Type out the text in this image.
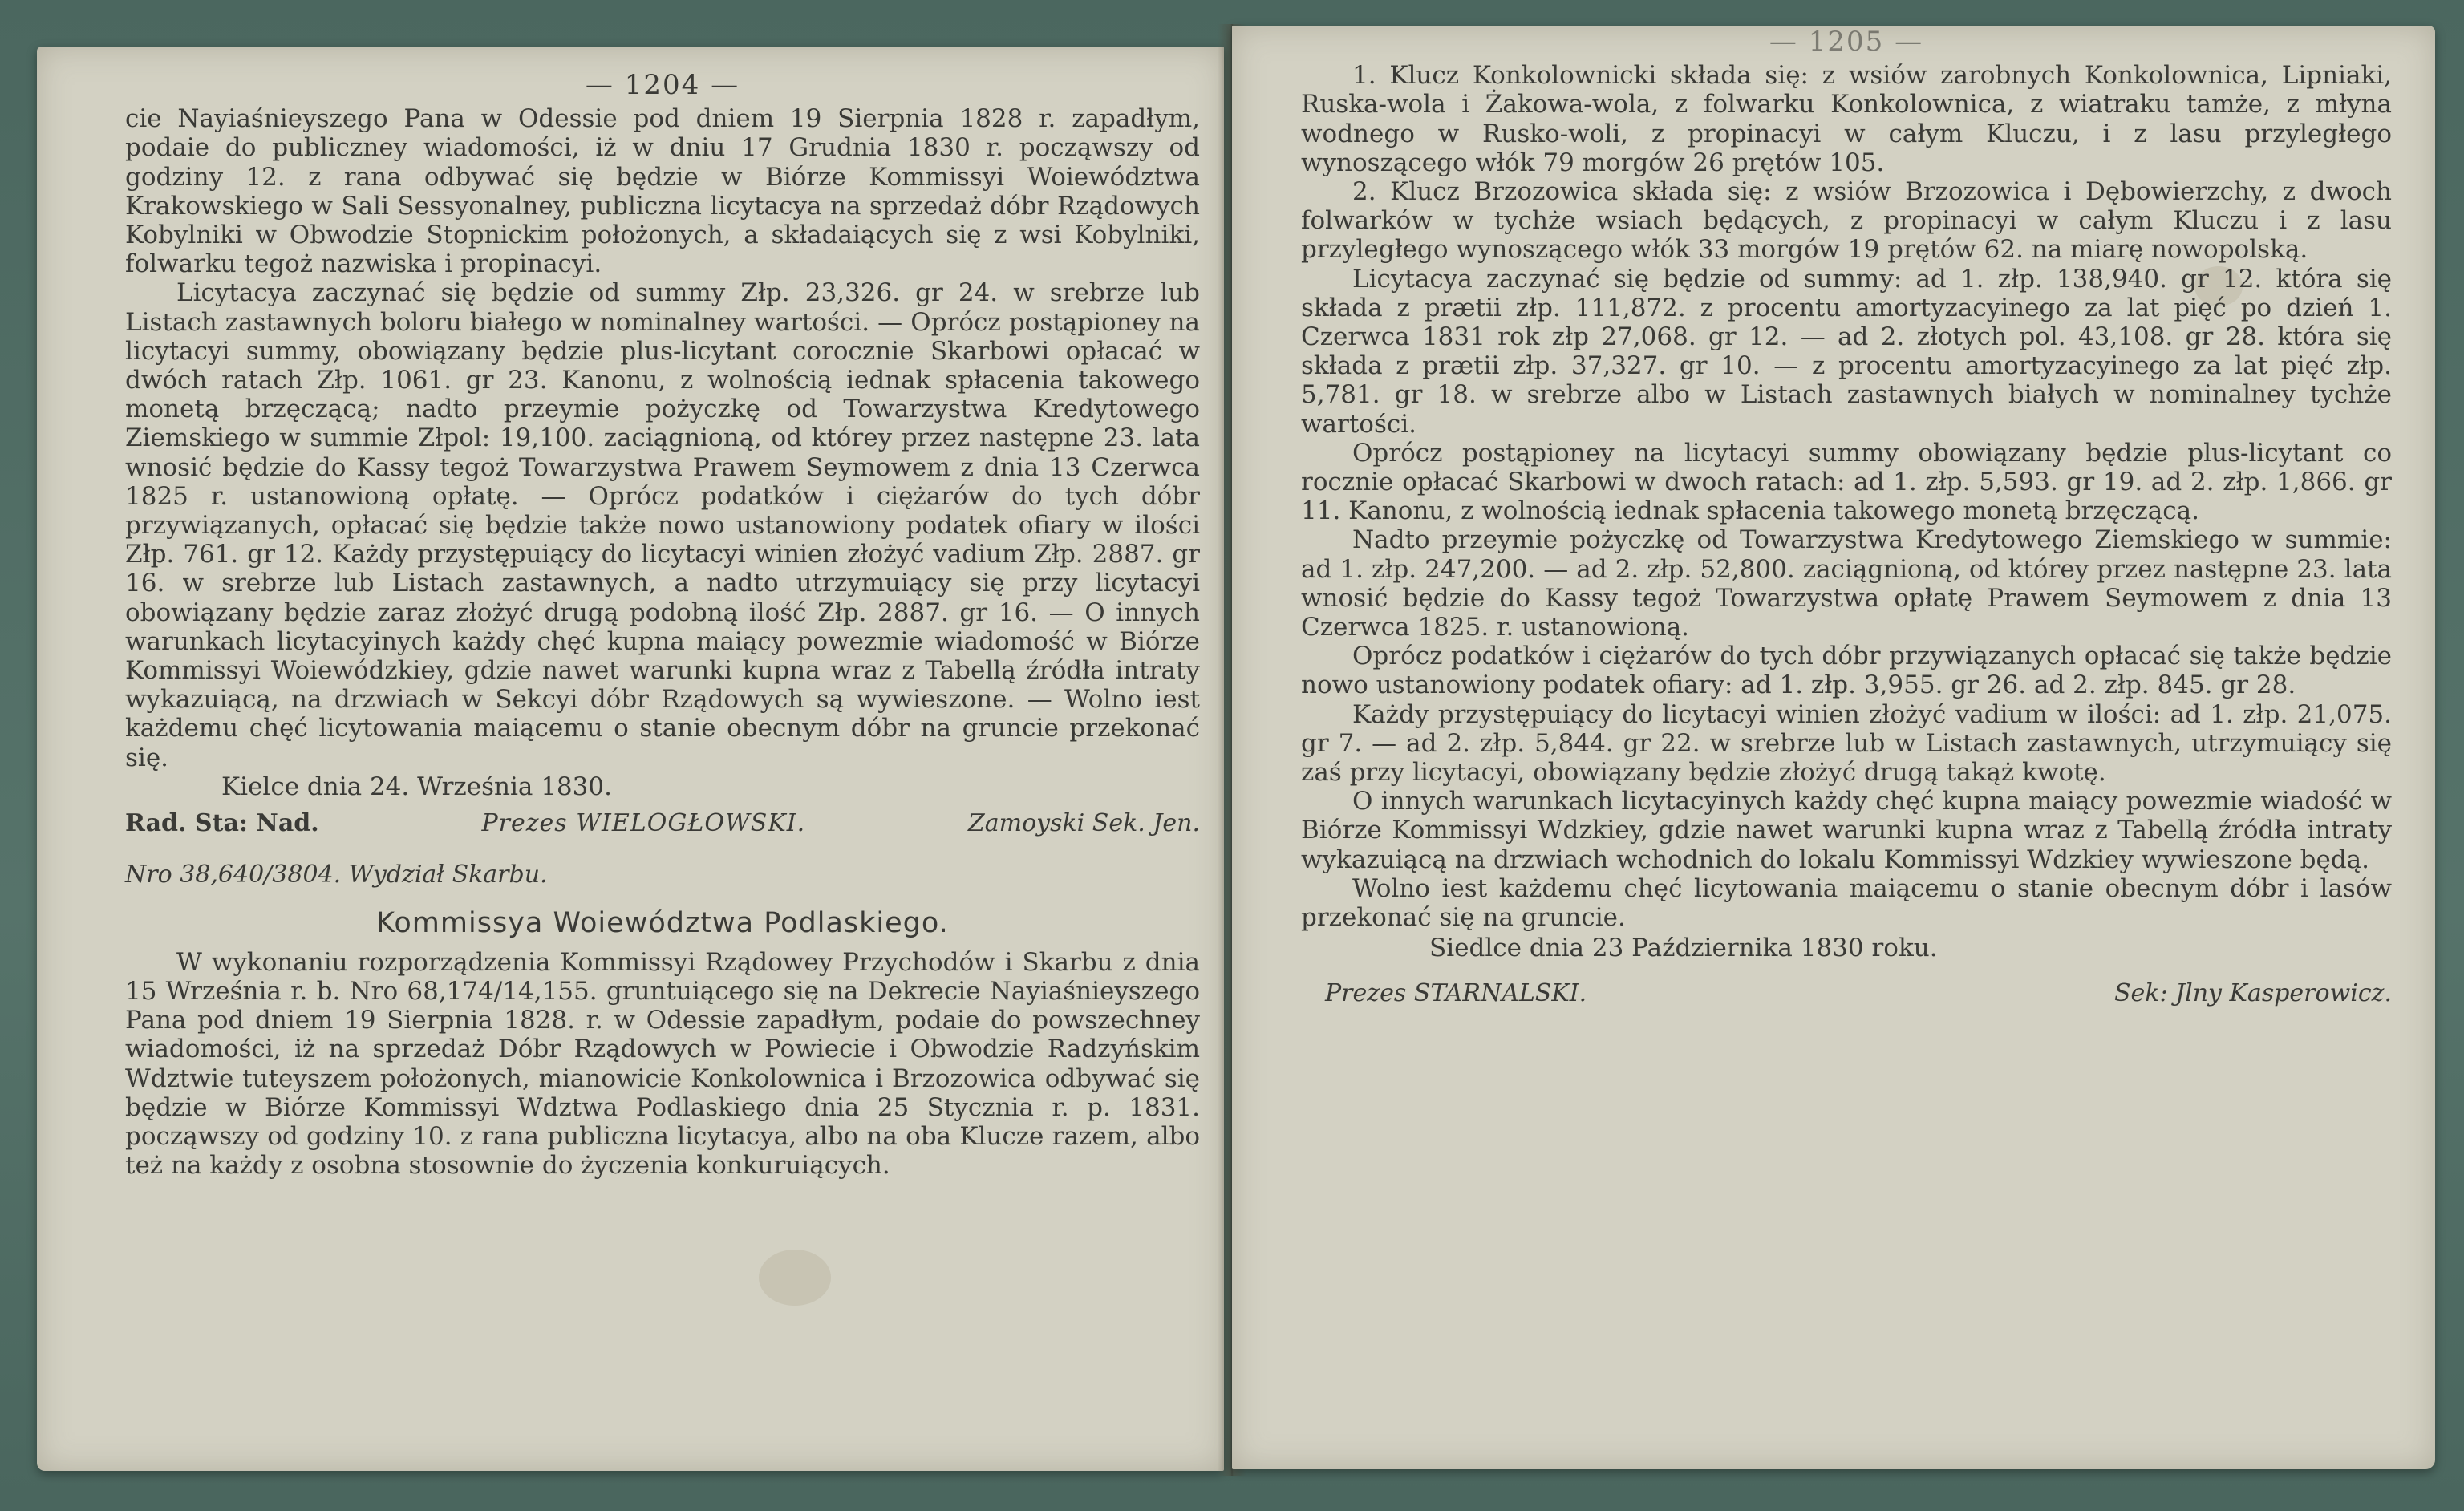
— 1204 —

cie Nayiaśnieyszego Pana w Odessie pod dniem 19 Sierpnia 1828 r. zapadłym, podaie do publiczney wiadomości, iż w dniu 17 Grudnia 1830 r. począwszy od godziny 12. z rana odbywać się będzie w Biórze Kommissyi Woiewództwa Krakowskiego w Sali Sessyonalney, publiczna licytacya na sprzedaż dóbr Rządowych Kobylniki w Obwodzie Stopnickim położonych, a składaiących się z wsi Kobylniki, folwarku tegoż nazwiska i propinacyi.

Licytacya zaczynać się będzie od summy Złp. 23,326. gr 24. w srebrze lub Listach zastawnych boloru białego w nominalney wartości. — Oprócz postąpioney na licytacyi summy, obowiązany będzie plus-licytant corocznie Skarbowi opłacać w dwóch ratach Złp. 1061. gr 23. Kanonu, z wolnością iednak spłacenia takowego monetą brzęczącą; nadto przeymie pożyczkę od Towarzystwa Kredytowego Ziemskiego w summie Złpol: 19,100. zaciągnioną, od którey przez następne 23. lata wnosić będzie do Kassy tegoż Towarzystwa Prawem Seymowem z dnia 13 Czerwca 1825 r. ustanowioną opłatę. — Oprócz podatków i ciężarów do tych dóbr przywiązanych, opłacać się będzie także nowo ustanowiony podatek ofiary w ilości Złp. 761. gr 12. Każdy przystępuiący do licytacyi winien złożyć vadium Złp. 2887. gr 16. w srebrze lub Listach zastawnych, a nadto utrzymuiący się przy licytacyi obowiązany będzie zaraz złożyć drugą podobną ilość Złp. 2887. gr 16. — O innych warunkach licytacyinych każdy chęć kupna maiący powezmie wiadomość w Biórze Kommissyi Woiewódzkiey, gdzie nawet warunki kupna wraz z Tabellą źródła intraty wykazuiącą, na drzwiach w Sekcyi dóbr Rządowych są wywieszone. — Wolno iest każdemu chęć licytowania maiącemu o stanie obecnym dóbr na gruncie przekonać się.

Kielce dnia 24. Września 1830.
Rad. Sta: Nad.	Prezes WIELOGŁOWSKI.	Zamoyski Sek. Jen.
Nro 38,640/3804. Wydział Skarbu.
Kommissya Woiewództwa Podlaskiego.

W wykonaniu rozporządzenia Kommissyi Rządowey Przychodów i Skarbu z dnia 15 Września r. b. Nro 68,174/14,155. gruntuiącego się na Dekrecie Nayiaśnieyszego Pana pod dniem 19 Sierpnia 1828. r. w Odessie zapadłym, podaie do powszechney wiadomości, iż na sprzedaż Dóbr Rządowych w Powiecie i Obwodzie Radzyńskim Wdztwie tuteyszem położonych, mianowicie Konkolownica i Brzozowica odbywać się będzie w Biórze Kommissyi Wdztwa Podlaskiego dnia 25 Stycznia r. p. 1831. począwszy od godziny 10. z rana publiczna licytacya, albo na oba Klucze razem, albo też na każdy z osobna stosownie do życzenia konkuruiących.

— 1205 —

1. Klucz Konkolownicki składa się: z wsiów zarobnych Konkolownica, Lipniaki, Ruska-wola i Żakowa-wola, z folwarku Konkolownica, z wiatraku tamże, z młyna wodnego w Rusko-woli, z propinacyi w całym Kluczu, i z lasu przyległego wynoszącego włók 79 morgów 26 prętów 105.

2. Klucz Brzozowica składa się: z wsiów Brzozowica i Dębowierzchy, z dwoch folwarków w tychże wsiach będących, z propinacyi w całym Kluczu i z lasu przyległego wynoszącego włók 33 morgów 19 prętów 62. na miarę nowopolską.

Licytacya zaczynać się będzie od summy: ad 1. złp. 138,940. gr 12. która się składa z prætii złp. 111,872. z procentu amortyzacyinego za lat pięć po dzień 1. Czerwca 1831 rok złp 27,068. gr 12. — ad 2. złotych pol. 43,108. gr 28. która się składa z prætii złp. 37,327. gr 10. — z procentu amortyzacyinego za lat pięć złp. 5,781. gr 18. w srebrze albo w Listach zastawnych białych w nominalney tychże wartości.

Oprócz postąpioney na licytacyi summy obowiązany będzie plus-licytant co rocznie opłacać Skarbowi w dwoch ratach: ad 1. złp. 5,593. gr 19. ad 2. złp. 1,866. gr 11. Kanonu, z wolnością iednak spłacenia takowego monetą brzęczącą.

Nadto przeymie pożyczkę od Towarzystwa Kredytowego Ziemskiego w summie: ad 1. złp. 247,200. — ad 2. złp. 52,800. zaciągnioną, od którey przez następne 23. lata wnosić będzie do Kassy tegoż Towarzystwa opłatę Prawem Seymowem z dnia 13 Czerwca 1825. r. ustanowioną.

Oprócz podatków i ciężarów do tych dóbr przywiązanych opłacać się także będzie nowo ustanowiony podatek ofiary: ad 1. złp. 3,955. gr 26. ad 2. złp. 845. gr 28.

Każdy przystępuiący do licytacyi winien złożyć vadium w ilości: ad 1. złp. 21,075. gr 7. — ad 2. złp. 5,844. gr 22. w srebrze lub w Listach zastawnych, utrzymuiący się zaś przy licytacyi, obowiązany będzie złożyć drugą takąż kwotę.

O innych warunkach licytacyinych każdy chęć kupna maiący powezmie wiadość w Biórze Kommissyi Wdzkiey, gdzie nawet warunki kupna wraz z Tabellą źródła intraty wykazuiącą na drzwiach wchodnich do lokalu Kommissyi Wdzkiey wywieszone będą.

Wolno iest każdemu chęć licytowania maiącemu o stanie obecnym dóbr i lasów przekonać się na gruncie.

Siedlce dnia 23 Października 1830 roku.
Prezes STARNALSKI.	Sek: Jlny Kasperowicz.
